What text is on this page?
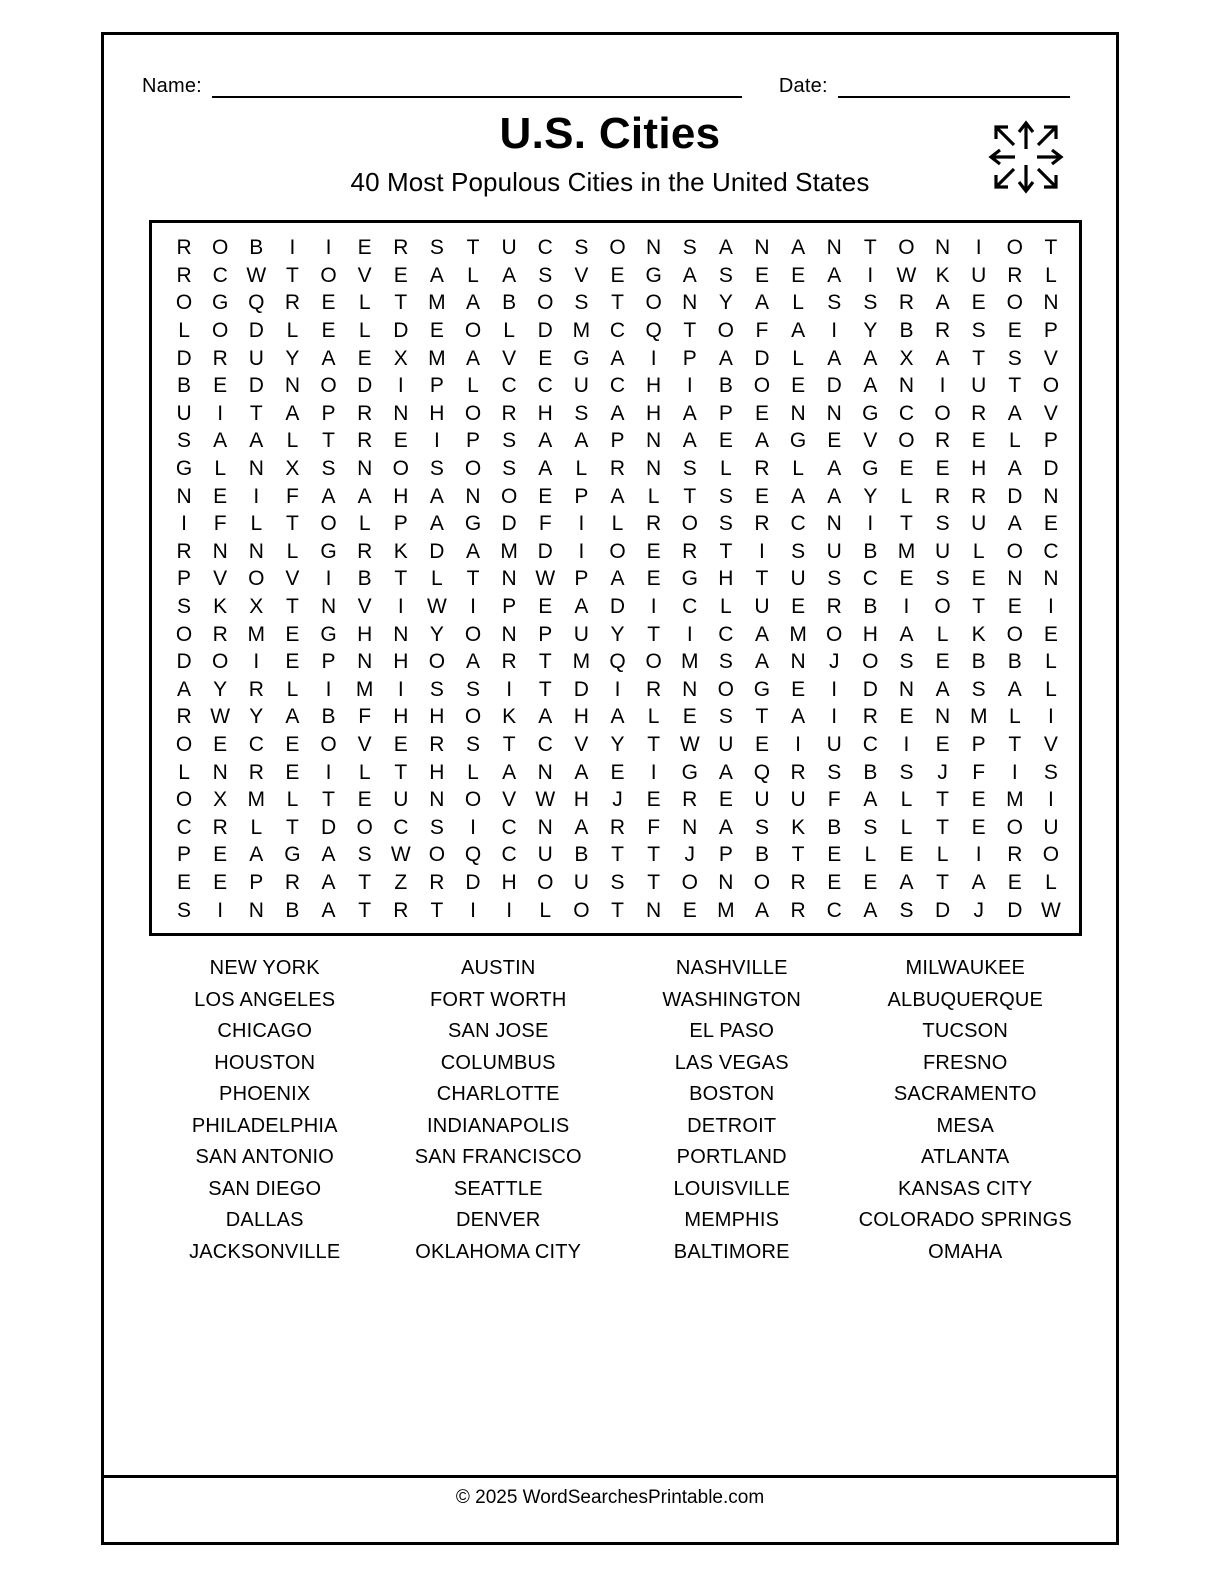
Name:	Date:
U.S. Cities

40 Most Populous Cities in the United States

R O B	I	I	E	R	S	T	U C	S O N	S	A	N	A	N	T	O N	I	O	T
R C W T	O V	E	A	L	A	S	V	E G A	S	E	E	A	I	W K	U R	L
O G Q R	E	L	T M A	B O S	T	O N	Y	A	L	S	S	R	A	E O N
L	O D	L	E	L	D	E O	L	D M C Q	T	O	F	A	I	Y	B	R	S	E	P
D R U	Y	A	E	X M A	V	E G A	I	P	A	D	L	A	A	X	A	T	S	V
B	E	D N O D	I	P	L	C C U C H	I	B O E	D	A	N	I	U	T	O
U	I	T	A	P	R N H O R H	S	A	H	A	P	E	N N G C O R	A	V
S	A	A	L	T	R	E	I	P	S	A	A	P	N	A	E	A G E	V O R	E	L	P
G	L	N	X	S	N O S O S	A	L	R N	S	L	R	L	A G E	E	H	A	D
N	E	I	F	A	A	H	A	N O E	P	A	L	T	S	E	A	A	Y	L	R R D N
I	F	L	T	O	L	P	A G D	F	I	L	R O S	R C N	I	T	S	U	A	E
R N N	L	G R	K	D	A M D	I	O E	R	T	I	S	U	B M U	L	O C
P	V O V	I	B	T	L	T	N W P	A	E G H	T	U	S	C	E	S	E	N N
S	K	X	T	N	V	I	W	I	P	E	A	D	I	C	L	U	E	R	B	I	O	T	E	I
O R M E G H N	Y O N	P	U	Y	T	I	C	A M O H	A	L	K O E
D O	I	E	P	N H O A	R	T M Q O M S	A	N	J	O S	E	B	B	L
A	Y	R	L	I	M	I	S	S	I	T	D	I	R N O G E	I	D N	A	S	A	L
R W Y	A	B	F	H H O K	A	H	A	L	E	S	T	A	I	R	E	N M	L	I
O E	C	E O V	E	R	S	T	C	V	Y	T W U	E	I	U C	I	E	P	T	V
L	N R	E	I	L	T	H	L	A	N	A	E	I	G A Q R	S	B	S	J	F	I	S
O X M	L	T	E	U N O V W H	J	E	R	E	U U	F	A	L	T	E M	I
C R	L	T	D O C	S	I	C N	A	R	F	N	A	S	K	B	S	L	T	E O U
P	E	A G A	S W O Q C U	B	T	T	J	P	B	T	E	L	E	L	I	R O
E	E	P	R	A	T	Z	R D H O U	S	T	O N O R	E	E	A	T	A	E	L
S	I	N	B	A	T	R	T	I	I	L	O	T	N	E M A	R C	A	S	D	J	D W
NEW YORK
LOS ANGELES
CHICAGO
HOUSTON
PHOENIX
PHILADELPHIA
SAN ANTONIO
SAN DIEGO
DALLAS
JACKSONVILLE
AUSTIN
FORT WORTH
SAN JOSE
COLUMBUS
CHARLOTTE
INDIANAPOLIS
SAN FRANCISCO
SEATTLE
DENVER
OKLAHOMA CITY
NASHVILLE
WASHINGTON
EL PASO
LAS VEGAS
BOSTON
DETROIT
PORTLAND
LOUISVILLE
MEMPHIS
BALTIMORE
MILWAUKEE
ALBUQUERQUE
TUCSON
FRESNO
SACRAMENTO
MESA
ATLANTA
KANSAS CITY
COLORADO SPRINGS
OMAHA
© 2025 WordSearchesPrintable.com
